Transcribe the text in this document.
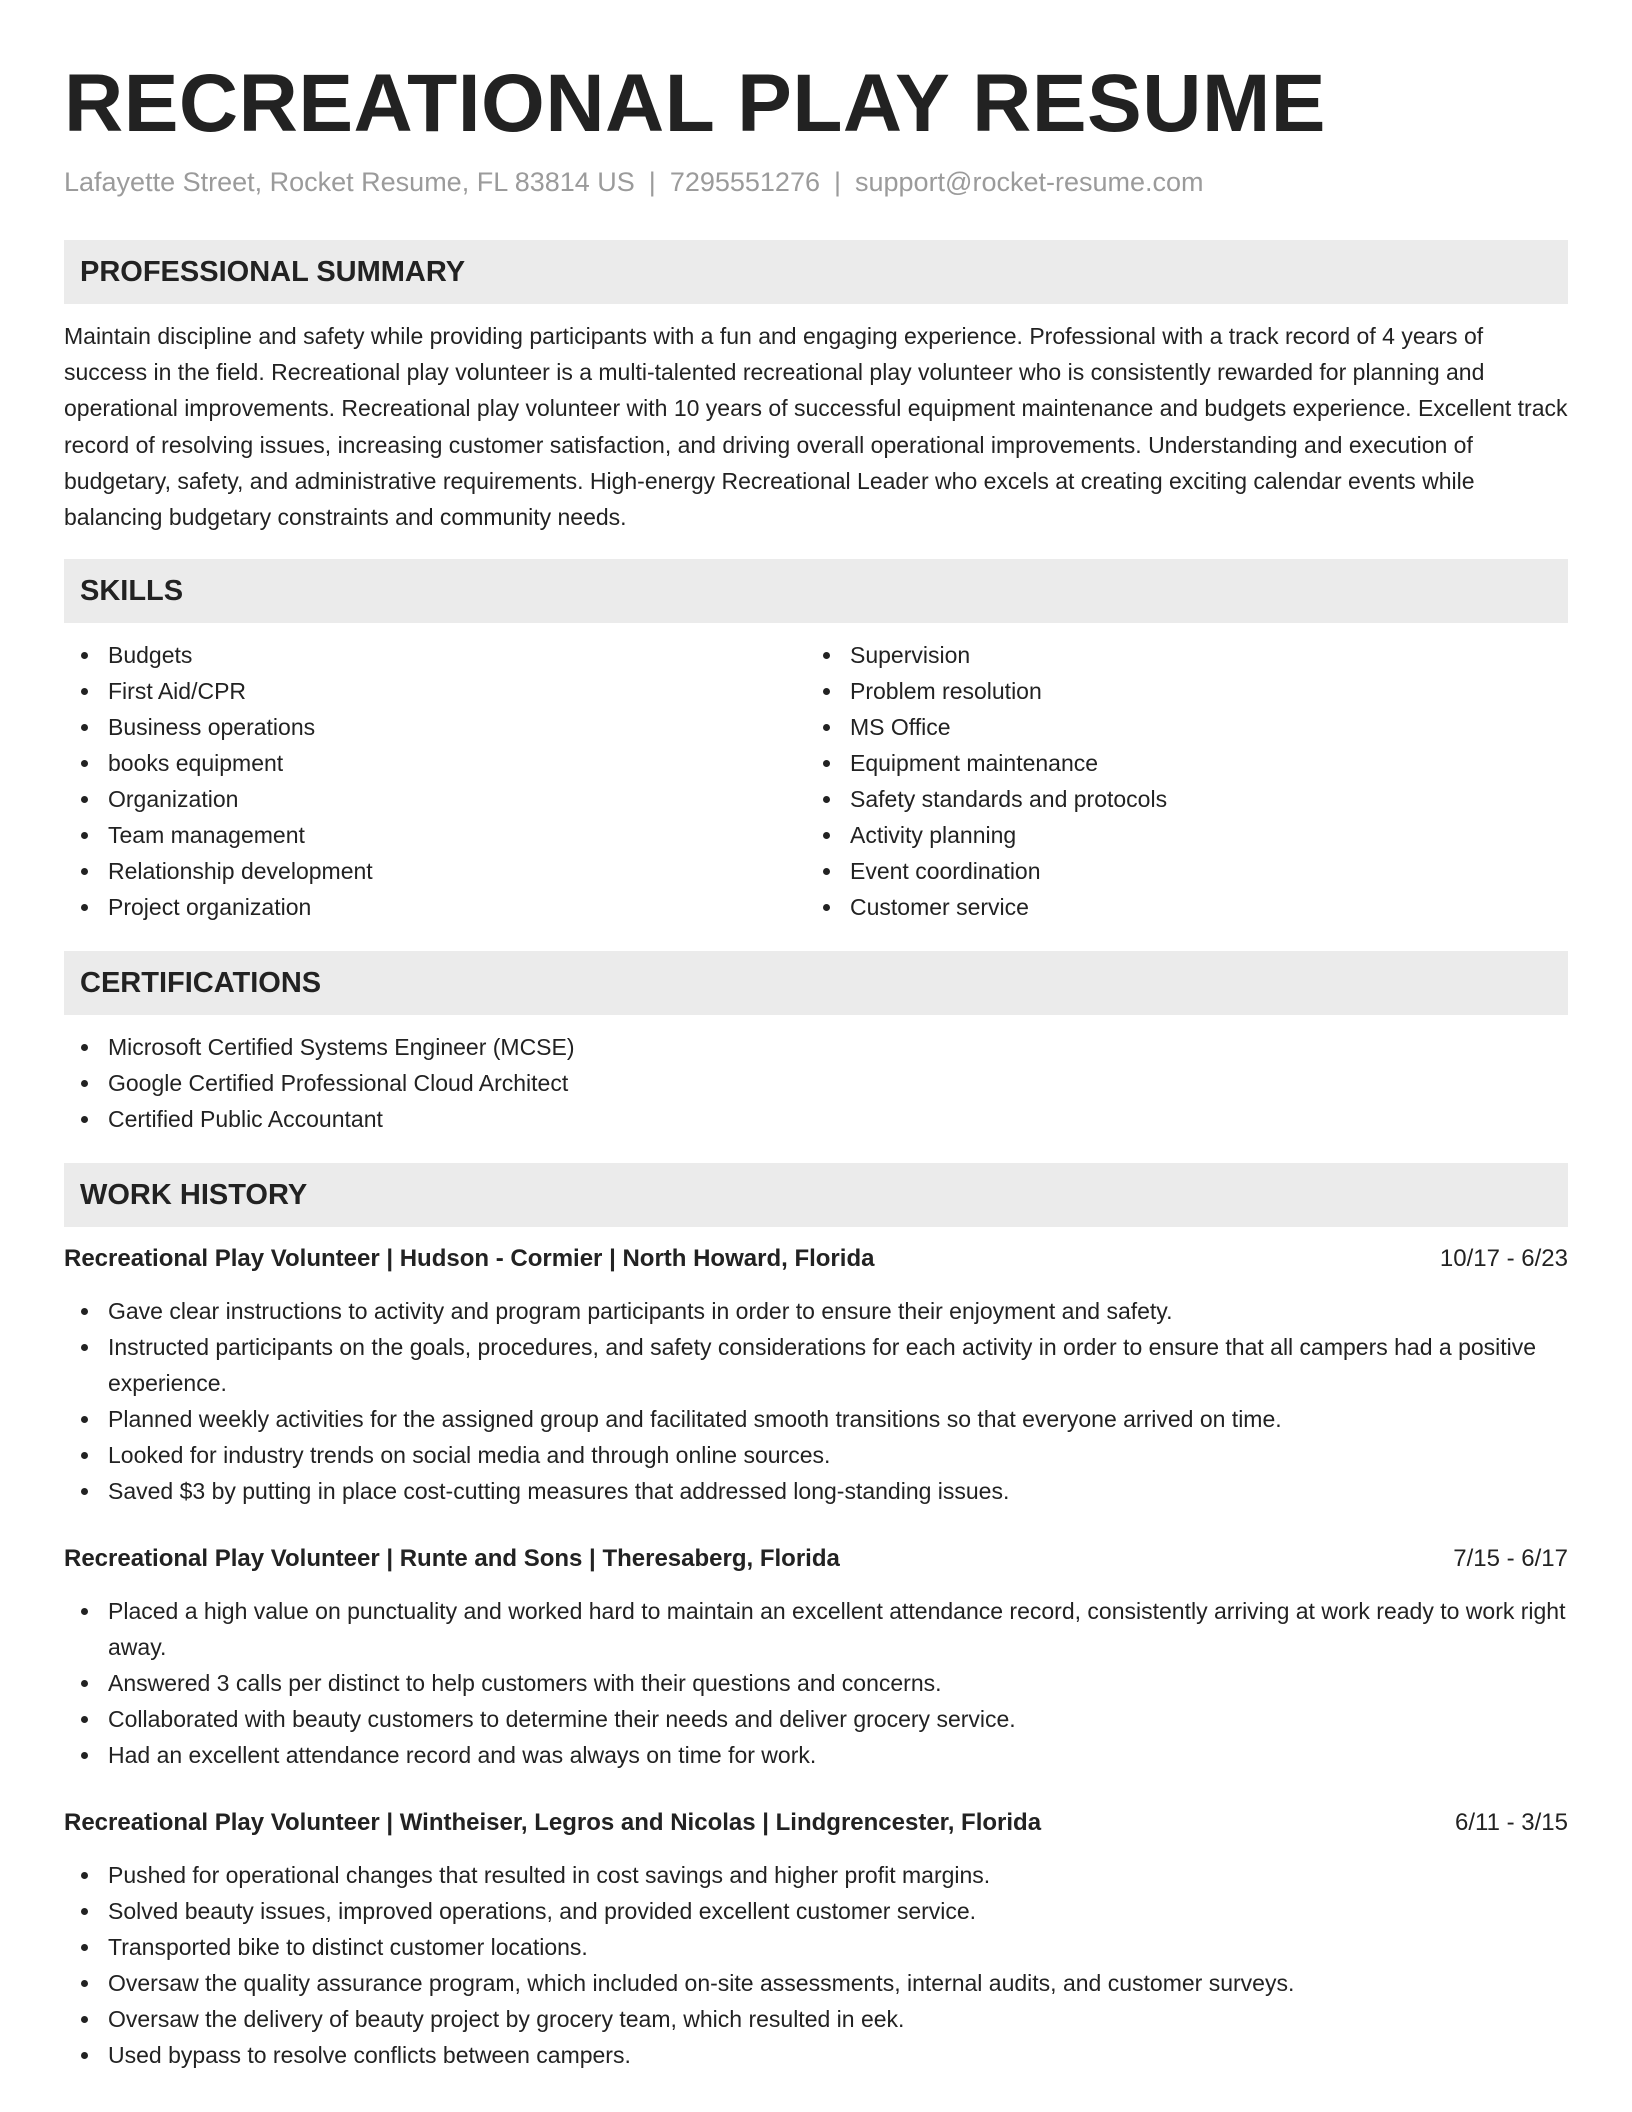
RECREATIONAL PLAY RESUME
Lafayette Street, Rocket Resume, FL 83814 US | 7295551276 | support@rocket-resume.com
PROFESSIONAL SUMMARY

Maintain discipline and safety while providing participants with a fun and engaging experience. Professional with a track record of 4 years of success in the field. Recreational play volunteer is a multi-talented recreational play volunteer who is consistently rewarded for planning and operational improvements. Recreational play volunteer with 10 years of successful equipment maintenance and budgets experience. Excellent track record of resolving issues, increasing customer satisfaction, and driving overall operational improvements. Understanding and execution of budgetary, safety, and administrative requirements. High-energy Recreational Leader who excels at creating exciting calendar events while balancing budgetary constraints and community needs.

SKILLS
Budgets
First Aid/CPR
Business operations
books equipment
Organization
Team management
Relationship development
Project organization
Supervision
Problem resolution
MS Office
Equipment maintenance
Safety standards and protocols
Activity planning
Event coordination
Customer service
CERTIFICATIONS
Microsoft Certified Systems Engineer (MCSE)
Google Certified Professional Cloud Architect
Certified Public Accountant
WORK HISTORY
Recreational Play Volunteer | Hudson - Cormier | North Howard, Florida	10/17 - 6/23
Gave clear instructions to activity and program participants in order to ensure their enjoyment and safety.
Instructed participants on the goals, procedures, and safety considerations for each activity in order to ensure that all campers had a positive experience.
Planned weekly activities for the assigned group and facilitated smooth transitions so that everyone arrived on time.
Looked for industry trends on social media and through online sources.
Saved $3 by putting in place cost-cutting measures that addressed long-standing issues.
Recreational Play Volunteer | Runte and Sons | Theresaberg, Florida	7/15 - 6/17
Placed a high value on punctuality and worked hard to maintain an excellent attendance record, consistently arriving at work ready to work right away.
Answered 3 calls per distinct to help customers with their questions and concerns.
Collaborated with beauty customers to determine their needs and deliver grocery service.
Had an excellent attendance record and was always on time for work.
Recreational Play Volunteer | Wintheiser, Legros and Nicolas | Lindgrencester, Florida	6/11 - 3/15
Pushed for operational changes that resulted in cost savings and higher profit margins.
Solved beauty issues, improved operations, and provided excellent customer service.
Transported bike to distinct customer locations.
Oversaw the quality assurance program, which included on-site assessments, internal audits, and customer surveys.
Oversaw the delivery of beauty project by grocery team, which resulted in eek.
Used bypass to resolve conflicts between campers.
